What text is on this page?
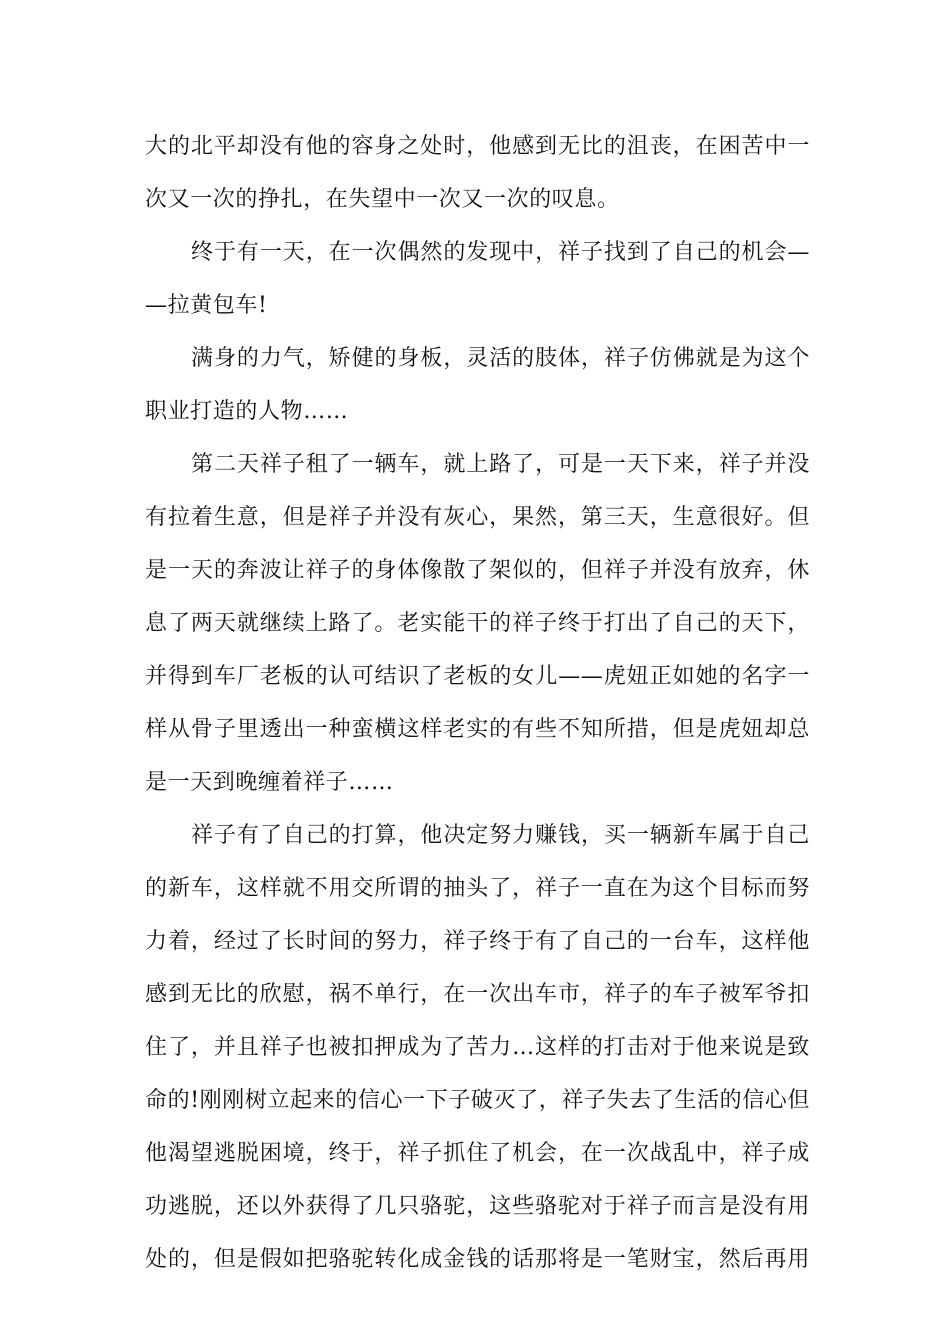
大的北平却没有他的容身之处时，他感到无比的沮丧，在困苦中一
次又一次的挣扎，在失望中一次又一次的叹息。
终于有一天，在一次偶然的发现中，祥子找到了自己的机会—
—拉黄包车!
满身的力气，矫健的身板，灵活的肢体，祥子仿佛就是为这个
职业打造的人物……
第二天祥子租了一辆车，就上路了，可是一天下来，祥子并没
有拉着生意，但是祥子并没有灰心，果然，第三天，生意很好。但
是一天的奔波让祥子的身体像散了架似的，但祥子并没有放弃，休
息了两天就继续上路了。老实能干的祥子终于打出了自己的天下，
并得到车厂老板的认可结识了老板的女儿——虎妞正如她的名字一
样从骨子里透出一种蛮横这样老实的有些不知所措，但是虎妞却总
是一天到晚缠着祥子……
祥子有了自己的打算，他决定努力赚钱，买一辆新车属于自己
的新车，这样就不用交所谓的抽头了，祥子一直在为这个目标而努
力着，经过了长时间的努力，祥子终于有了自己的一台车，这样他
感到无比的欣慰，祸不单行，在一次出车市，祥子的车子被军爷扣
住了，并且祥子也被扣押成为了苦力…这样的打击对于他来说是致
命的!刚刚树立起来的信心一下子破灭了，祥子失去了生活的信心但
他渴望逃脱困境，终于，祥子抓住了机会，在一次战乱中，祥子成
功逃脱，还以外获得了几只骆驼，这些骆驼对于祥子而言是没有用
处的，但是假如把骆驼转化成金钱的话那将是一笔财宝，然后再用
